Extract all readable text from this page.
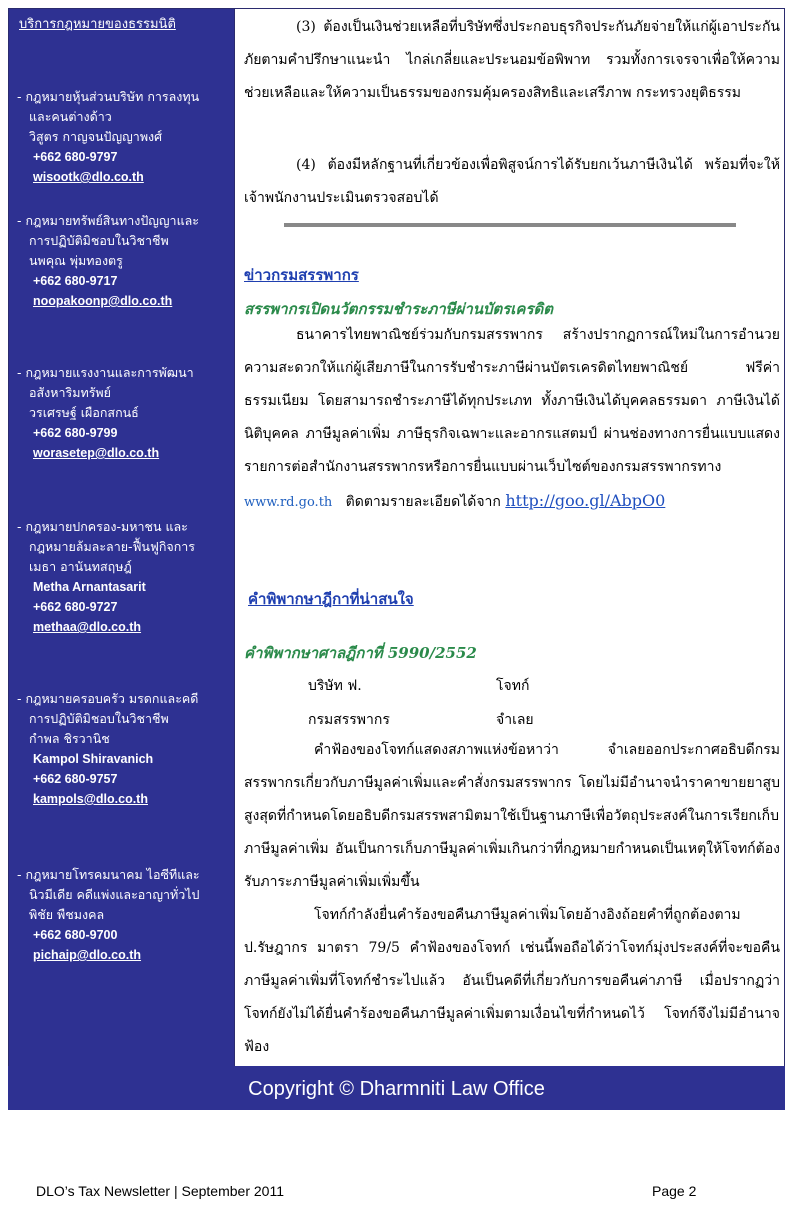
บริการกฎหมายของธรรมนิติ
- กฎหมายหุ้นส่วนบริษัท การลงทุน
และคนต่างด้าว
วิสูตร กาญจนปัญญาพงศ์
+662 680-9797
wisootk@dlo.co.th
- กฎหมายทรัพย์สินทางปัญญาและ
การปฏิบัติมิชอบในวิชาชีพ
นพคุณ พุ่มทองตรู
+662 680-9717
noopakoonp@dlo.co.th
- กฎหมายแรงงานและการพัฒนา
อสังหาริมทรัพย์
วรเศรษฐ์ เผือกสกนธ์
+662 680-9799
worasetep@dlo.co.th
- กฎหมายปกครอง-มหาชน และ
กฎหมายล้มละลาย-ฟื้นฟูกิจการ
เมธา อานันทสฤษฎ์
Metha Arnantasarit
+662 680-9727
methaa@dlo.co.th
- กฎหมายครอบครัว มรดกและคดี
การปฏิบัติมิชอบในวิชาชีพ
กำพล ชิรวานิช
Kampol Shiravanich
+662 680-9757
kampols@dlo.co.th
- กฎหมายโทรคมนาคม ไอซีทีและ
นิวมีเดีย คดีแพ่งและอาญาทั่วไป
พิชัย พืชมงคล
+662 680-9700
pichaip@dlo.co.th

(3) ต้องเป็นเงินช่วยเหลือที่บริษัทซึ่งประกอบธุรกิจประกันภัยจ่ายให้แก่ผู้เอาประกันภัยตามคำปรึกษาแนะนำ ไกล่เกลี่ยและประนอมข้อพิพาท รวมทั้งการเจรจาเพื่อให้ความช่วยเหลือและให้ความเป็นธรรมของกรมคุ้มครองสิทธิและเสรีภาพ กระทรวงยุติธรรม

(4) ต้องมีหลักฐานที่เกี่ยวข้องเพื่อพิสูจน์การได้รับยกเว้นภาษีเงินได้ พร้อมที่จะให้เจ้าพนักงานประเมินตรวจสอบได้

ข่าวกรมสรรพากร
สรรพากรเปิดนวัตกรรมชำระภาษีผ่านบัตรเครดิต

ธนาคารไทยพาณิชย์ร่วมกับกรมสรรพากร สร้างปรากฏการณ์ใหม่ในการอำนวยความสะดวกให้แก่ผู้เสียภาษีในการรับชำระภาษีผ่านบัตรเครดิตไทยพาณิชย์ ฟรีค่าธรรมเนียม โดยสามารถชำระภาษีได้ทุกประเภท ทั้งภาษีเงินได้บุคคลธรรมดา ภาษีเงินได้นิติบุคคล ภาษีมูลค่าเพิ่ม ภาษีธุรกิจเฉพาะและอากรแสตมป์ ผ่านช่องทางการยื่นแบบแสดงรายการต่อสำนักงานสรรพากรหรือการยื่นแบบผ่านเว็บไซต์ของกรมสรรพากรทาง www.rd.go.th ติดตามรายละเอียดได้จาก http://goo.gl/AbpO0

คำพิพากษาฎีกาที่น่าสนใจ
คำพิพากษาศาลฎีกาที่ 5990/2552
บริษัท ฟ.	โจทก์
กรมสรรพากร	จำเลย

คำฟ้องของโจทก์แสดงสภาพแห่งข้อหาว่า จำเลยออกประกาศอธิบดีกรมสรรพากรเกี่ยวกับภาษีมูลค่าเพิ่มและคำสั่งกรมสรรพากร โดยไม่มีอำนาจนำราคาขายยาสูบสูงสุดที่กำหนดโดยอธิบดีกรมสรรพสามิตมาใช้เป็นฐานภาษีเพื่อวัตถุประสงค์ในการเรียกเก็บภาษีมูลค่าเพิ่ม อันเป็นการเก็บภาษีมูลค่าเพิ่มเกินกว่าที่กฎหมายกำหนดเป็นเหตุให้โจทก์ต้องรับภาระภาษีมูลค่าเพิ่มเพิ่มขึ้น

โจทก์กำลังยื่นคำร้องขอคืนภาษีมูลค่าเพิ่มโดยอ้างอิงถ้อยคำที่ถูกต้องตาม ป.รัษฎากร มาตรา 79/5 คำฟ้องของโจทก์ เช่นนี้พอถือได้ว่าโจทก์มุ่งประสงค์ที่จะขอคืนภาษีมูลค่าเพิ่มที่โจทก์ชำระไปแล้ว อันเป็นคดีที่เกี่ยวกับการขอคืนค่าภาษี เมื่อปรากฏว่าโจทก์ยังไม่ได้ยื่นคำร้องขอคืนภาษีมูลค่าเพิ่มตามเงื่อนไขที่กำหนดไว้ โจทก์จึงไม่มีอำนาจฟ้อง

Copyright © Dharmniti Law Office
DLO’s Tax Newsletter | September 2011	Page 2
